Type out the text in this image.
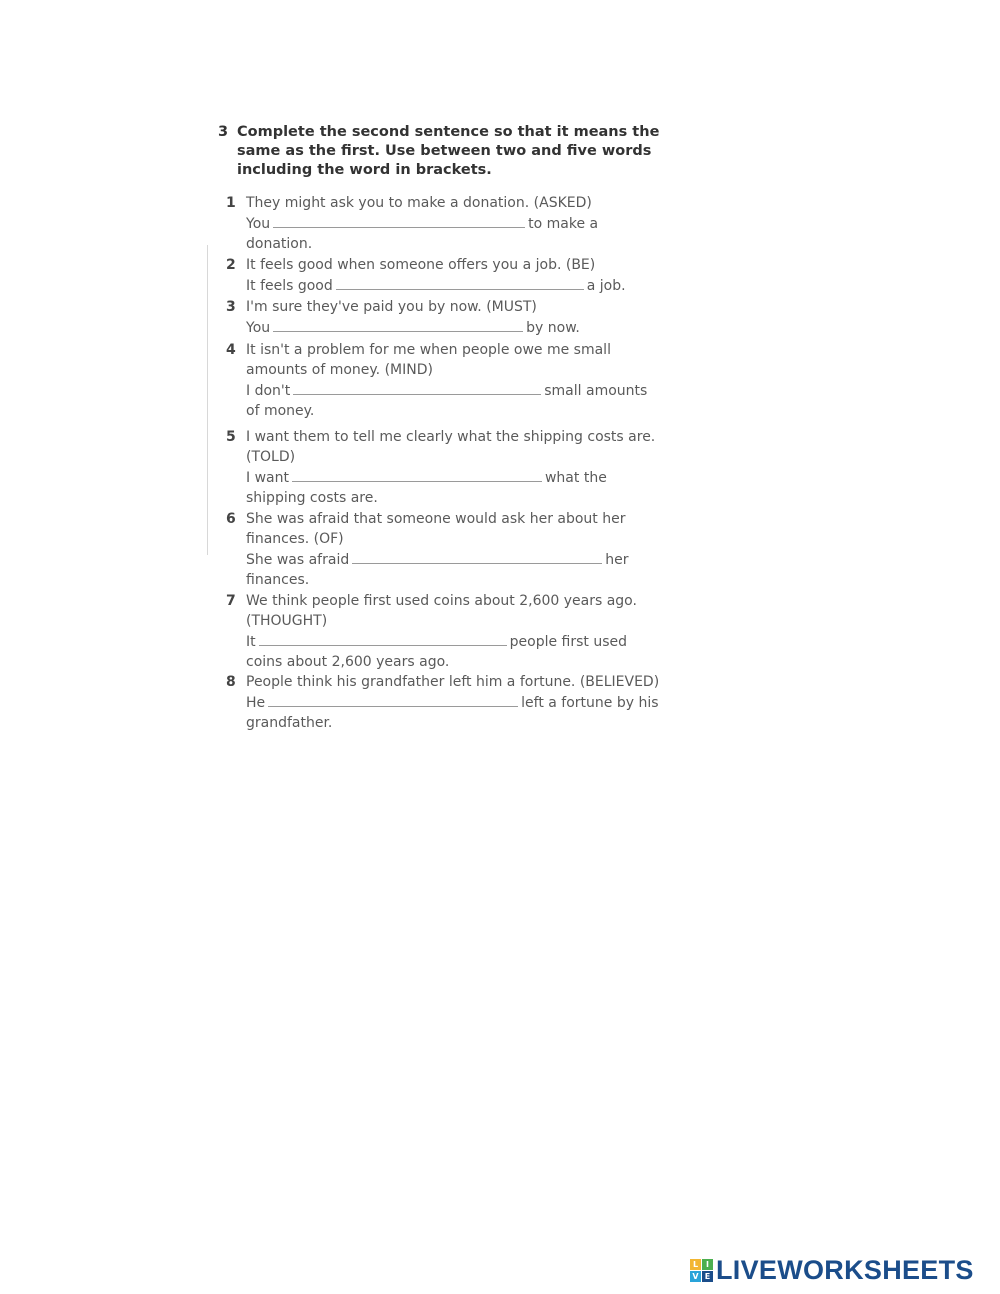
3 Complete the second sentence so that it means the same as the first. Use between two and five words including the word in brackets.
1 They might ask you to make a donation. (ASKED)
You	to make a
donation.
2 It feels good when someone offers you a job. (BE)
It feels good	a job.
3 I'm sure they've paid you by now. (MUST)
You	by now.
4 It isn't a problem for me when people owe me small
amounts of money. (MIND)
I don't	small amounts
of money.
5 I want them to tell me clearly what the shipping costs are.
(TOLD)
I want	what the
shipping costs are.
6 She was afraid that someone would ask her about her
finances. (OF)
She was afraid	her
finances.
7 We think people first used coins about 2,600 years ago.
(THOUGHT)
It	people first used
coins about 2,600 years ago.
8 People think his grandfather left him a fortune. (BELIEVED)
He	left a fortune by his
grandfather.
L I
V E LIVEWORKSHEETS
